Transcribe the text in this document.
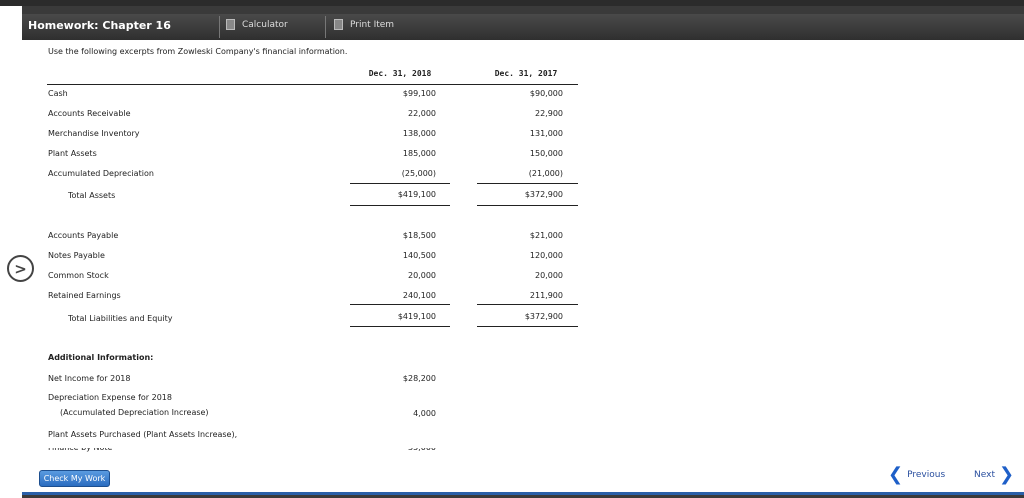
Homework: Chapter 16	Calculator	Print Item
Use the following excerpts from Zowleski Company's financial information.
Dec. 31, 2018	Dec. 31, 2017
Cash	$99,100	$90,000
Accounts Receivable	22,000	22,900
Merchandise Inventory	138,000	131,000
Plant Assets	185,000	150,000
Accumulated Depreciation	(25,000)	(21,000)
Total Assets	$419,100	$372,900
Accounts Payable	$18,500	$21,000
Notes Payable	140,500	120,000
Common Stock	20,000	20,000
Retained Earnings	240,100	211,900
Total Liabilities and Equity	$419,100	$372,900
Additional Information:
Net Income for 2018	$28,200
Depreciation Expense for 2018
(Accumulated Depreciation Increase)	4,000
Plant Assets Purchased (Plant Assets Increase),
Check My Work	❮ Previous	Next ❯
>
